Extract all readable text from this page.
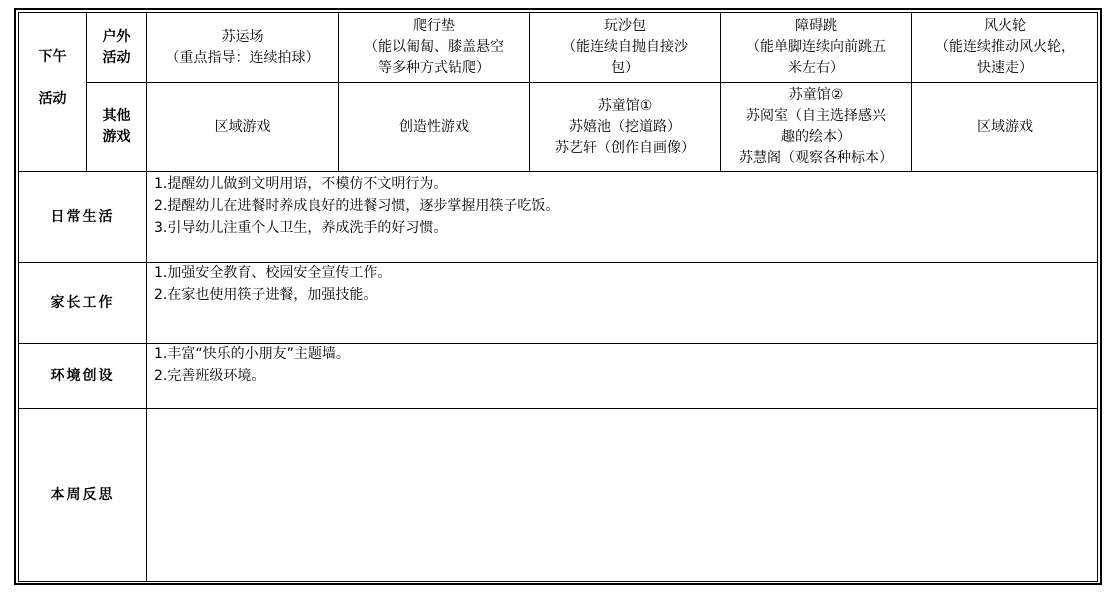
下午

活动
户外
活动
其他
游戏
苏运场
（重点指导：连续拍球）
爬行垫
（能以匍匐、膝盖悬空
等多种方式钻爬）
玩沙包
（能连续自抛自接沙
包）
障碍跳
（能单脚连续向前跳五
米左右）
风火轮
（能连续推动风火轮，
快速走）
区域游戏	创造性游戏
苏童馆①
苏嬉池（挖道路）
苏艺轩（创作自画像）
苏童馆②
苏阅室（自主选择感兴
趣的绘本）
苏慧阁（观察各种标本）
区域游戏
日常生活
1.提醒幼儿做到文明用语，不模仿不文明行为。
2.提醒幼儿在进餐时养成良好的进餐习惯，逐步掌握用筷子吃饭。
3.引导幼儿注重个人卫生，养成洗手的好习惯。
家长工作
1.加强安全教育、校园安全宣传工作。
2.在家也使用筷子进餐，加强技能。
环境创设
1.丰富“快乐的小朋友”主题墙。
2.完善班级环境。
本周反思
